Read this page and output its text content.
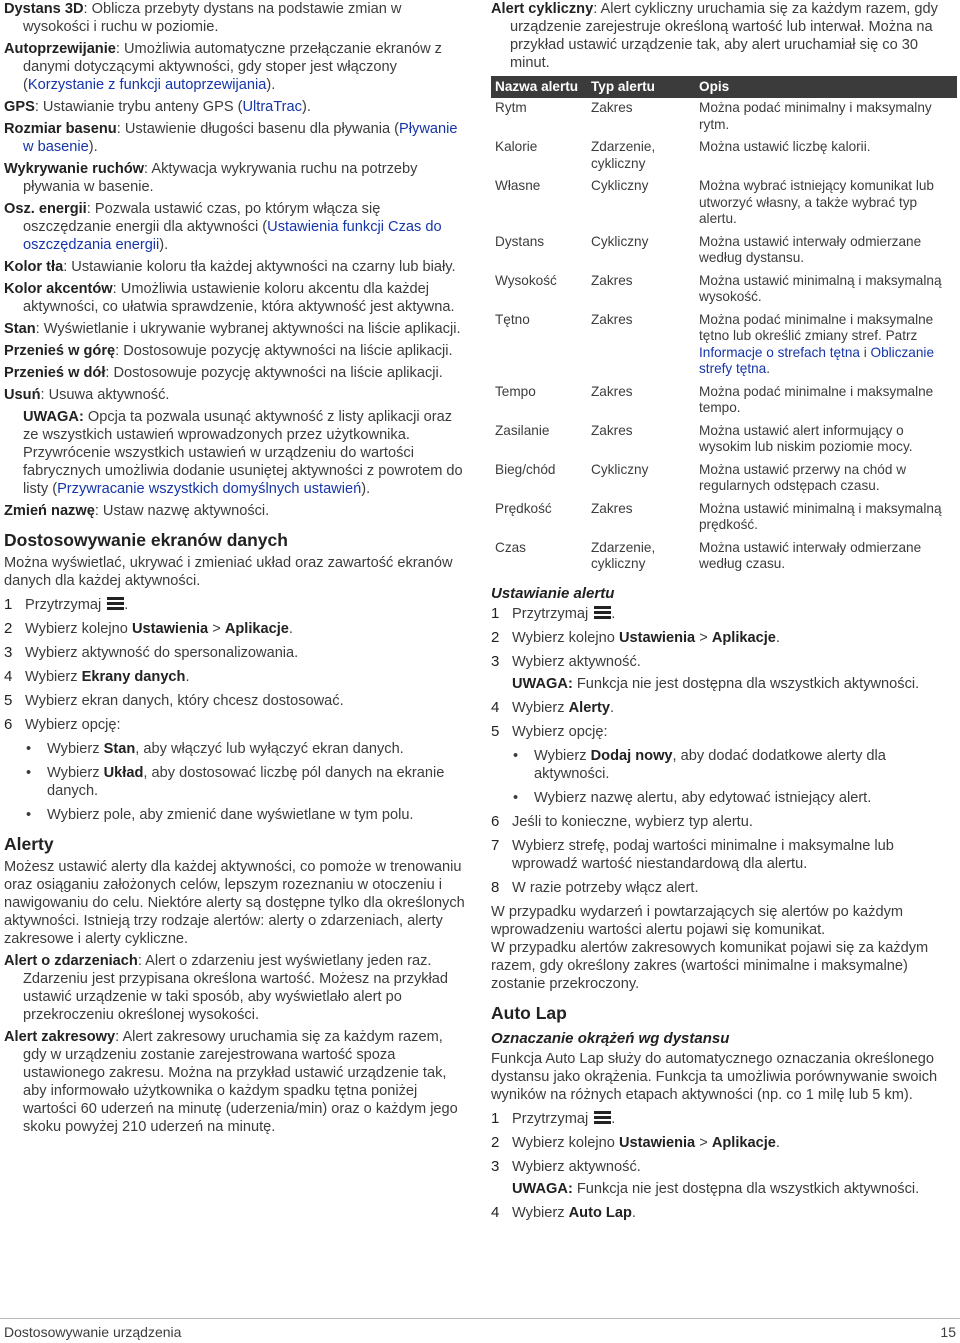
Dystans 3D: Oblicza przebyty dystans na podstawie zmian w wysokości i ruchu w poziomie.

Autoprzewijanie: Umożliwia automatyczne przełączanie ekranów z danymi dotyczącymi aktywności, gdy stoper jest włączony (Korzystanie z funkcji autoprzewijania).

GPS: Ustawianie trybu anteny GPS (UltraTrac).

Rozmiar basenu: Ustawienie długości basenu dla pływania (Pływanie w basenie).

Wykrywanie ruchów: Aktywacja wykrywania ruchu na potrzeby pływania w basenie.

Osz. energii: Pozwala ustawić czas, po którym włącza się oszczędzanie energii dla aktywności (Ustawienia funkcji Czas do oszczędzania energii).

Kolor tła: Ustawianie koloru tła każdej aktywności na czarny lub biały.

Kolor akcentów: Umożliwia ustawienie koloru akcentu dla każdej aktywności, co ułatwia sprawdzenie, która aktywność jest aktywna.

Stan: Wyświetlanie i ukrywanie wybranej aktywności na liście aplikacji.

Przenieś w górę: Dostosowuje pozycję aktywności na liście aplikacji.

Przenieś w dół: Dostosowuje pozycję aktywności na liście aplikacji.

Usuń: Usuwa aktywność.

UWAGA: Opcja ta pozwala usunąć aktywność z listy aplikacji oraz ze wszystkich ustawień wprowadzonych przez użytkownika. Przywrócenie wszystkich ustawień w urządzeniu do wartości fabrycznych umożliwia dodanie usuniętej aktywności z powrotem do listy (Przywracanie wszystkich domyślnych ustawień).

Zmień nazwę: Ustaw nazwę aktywności.

Dostosowywanie ekranów danych

Można wyświetlać, ukrywać i zmieniać układ oraz zawartość ekranów danych dla każdej aktywności.

1 Przytrzymaj .
2 Wybierz kolejno Ustawienia > Aplikacje.
3 Wybierz aktywność do spersonalizowania.
4 Wybierz Ekrany danych.
5 Wybierz ekran danych, który chcesz dostosować.
6 Wybierz opcję:
• Wybierz Stan, aby włączyć lub wyłączyć ekran danych.
• Wybierz Układ, aby dostosować liczbę pól danych na ekranie danych.
• Wybierz pole, aby zmienić dane wyświetlane w tym polu.
Alerty

Możesz ustawić alerty dla każdej aktywności, co pomoże w trenowaniu oraz osiąganiu założonych celów, lepszym rozeznaniu w otoczeniu i nawigowaniu do celu. Niektóre alerty są dostępne tylko dla określonych aktywności. Istnieją trzy rodzaje alertów: alerty o zdarzeniach, alerty zakresowe i alerty cykliczne.

Alert o zdarzeniach: Alert o zdarzeniu jest wyświetlany jeden raz. Zdarzeniu jest przypisana określona wartość. Możesz na przykład ustawić urządzenie w taki sposób, aby wyświetlało alert po przekroczeniu określonej wysokości.

Alert zakresowy: Alert zakresowy uruchamia się za każdym razem, gdy w urządzeniu zostanie zarejestrowana wartość spoza ustawionego zakresu. Można na przykład ustawić urządzenie tak, aby informowało użytkownika o każdym spadku tętna poniżej wartości 60 uderzeń na minutę (uderzenia/min) oraz o każdym jego skoku powyżej 210 uderzeń na minutę.

Alert cykliczny: Alert cykliczny uruchamia się za każdym razem, gdy urządzenie zarejestruje określoną wartość lub interwał. Można na przykład ustawić urządzenie tak, aby alert uruchamiał się co 30 minut.

Nazwa alertu	Typ alertu	Opis
Rytm	Zakres	Można podać minimalny i maksymalny rytm.
Kalorie	Zdarzenie, cykliczny	Można ustawić liczbę kalorii.
Własne	Cykliczny	Można wybrać istniejący komunikat lub utworzyć własny, a także wybrać typ alertu.
Dystans	Cykliczny	Można ustawić interwały odmierzane według dystansu.
Wysokość	Zakres	Można ustawić minimalną i maksymalną wysokość.
Tętno	Zakres	Można podać minimalne i maksymalne tętno lub określić zmiany stref. Patrz Informacje o strefach tętna i Obliczanie strefy tętna.
Tempo	Zakres	Można podać minimalne i maksymalne tempo.
Zasilanie	Zakres	Można ustawić alert informujący o wysokim lub niskim poziomie mocy.
Bieg/chód	Cykliczny	Można ustawić przerwy na chód w regularnych odstępach czasu.
Prędkość	Zakres	Można ustawić minimalną i maksymalną prędkość.
Czas	Zdarzenie, cykliczny	Można ustawić interwały odmierzane według czasu.
Ustawianie alertu
1 Przytrzymaj .
2 Wybierz kolejno Ustawienia > Aplikacje.
3 Wybierz aktywność.

UWAGA: Funkcja nie jest dostępna dla wszystkich aktywności.

4 Wybierz Alerty.
5 Wybierz opcję:
• Wybierz Dodaj nowy, aby dodać dodatkowe alerty dla aktywności.
• Wybierz nazwę alertu, aby edytować istniejący alert.
6 Jeśli to konieczne, wybierz typ alertu.
7 Wybierz strefę, podaj wartości minimalne i maksymalne lub wprowadź wartość niestandardową dla alertu.
8 W razie potrzeby włącz alert.

W przypadku wydarzeń i powtarzających się alertów po każdym wprowadzeniu wartości alertu pojawi się komunikat.

W przypadku alertów zakresowych komunikat pojawi się za każdym razem, gdy określony zakres (wartości minimalne i maksymalne) zostanie przekroczony.

Auto Lap
Oznaczanie okrążeń wg dystansu

Funkcja Auto Lap służy do automatycznego oznaczania określonego dystansu jako okrążenia. Funkcja ta umożliwia porównywanie swoich wyników na różnych etapach aktywności (np. co 1 milę lub 5 km).

1 Przytrzymaj .
2 Wybierz kolejno Ustawienia > Aplikacje.
3 Wybierz aktywność.

UWAGA: Funkcja nie jest dostępna dla wszystkich aktywności.

4 Wybierz Auto Lap.
Dostosowywanie urządzenia	15
